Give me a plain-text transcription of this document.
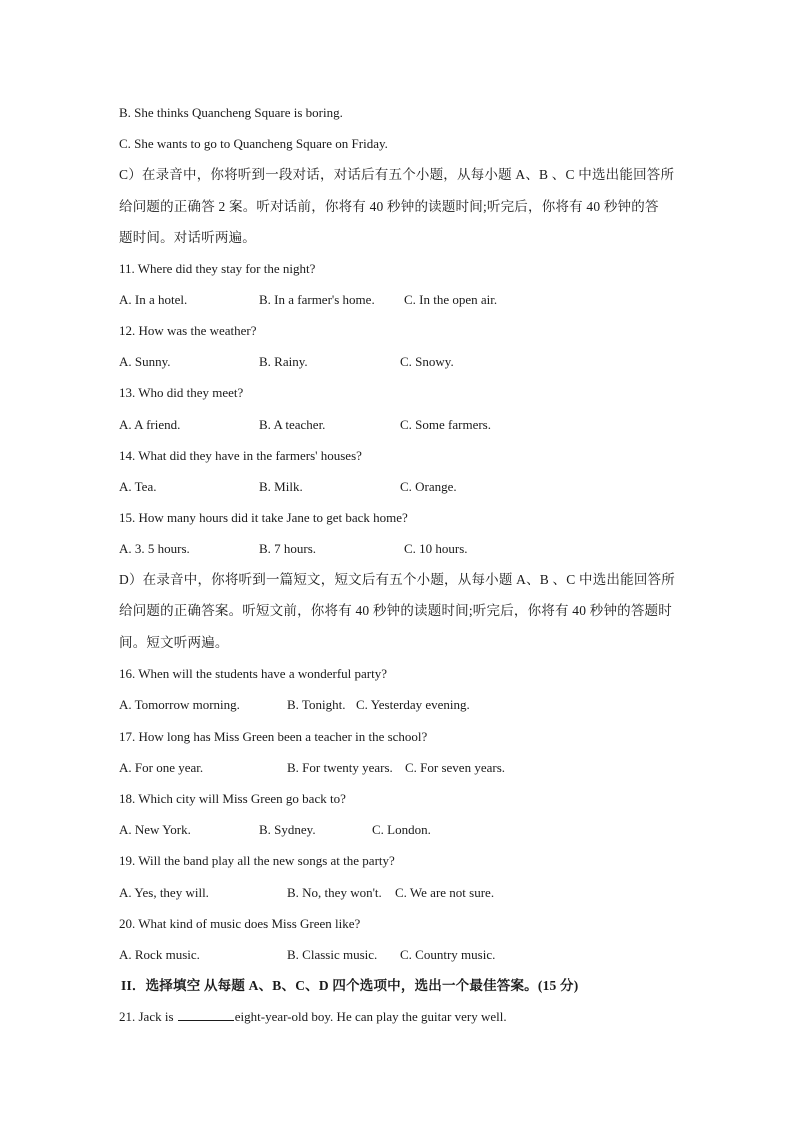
B. She thinks Quancheng Square is boring.
C. She wants to go to Quancheng Square on Friday.
C）在录音中，你将听到一段对话，对话后有五个小题，从每小题 A、B 、C 中选出能回答所
给问题的正确答 2 案。听对话前，你将有 40 秒钟的读题时间;听完后，你将有 40 秒钟的答
题时间。对话听两遍。
11. Where did they stay for the night?
A. In a hotel.	B. In a farmer's home. C. In the open air.
12. How was the weather?
A. Sunny.	B. Rainy.	C. Snowy.
13. Who did they meet?
A. A friend.	B. A teacher.	C. Some farmers.
14. What did they have in the farmers' houses?
A. Tea.	B. Milk.	C. Orange.
15. How many hours did it take Jane to get back home?
A. 3. 5 hours.	B. 7 hours.	C. 10 hours.
D）在录音中，你将听到一篇短文，短文后有五个小题，从每小题 A、B 、C 中选出能回答所
给问题的正确答案。听短文前，你将有 40 秒钟的读题时间;听完后，你将有 40 秒钟的答题时
间。短文听两遍。
16. When will the students have a wonderful party?
A. Tomorrow morning.	B. Tonight. C. Yesterday evening.
17. How long has Miss Green been a teacher in the school?
A. For one year.	B. For twenty years. C. For seven years.
18. Which city will Miss Green go back to?
A. New York.	B. Sydney.	C. London.
19. Will the band play all the new songs at the party?
A. Yes, they will.	B. No, they won't. C. We are not sure.
20. What kind of music does Miss Green like?
A. Rock music.	B. Classic music. C. Country music.
II．选择填空 从每题 A、B、C、D 四个选项中，选出一个最佳答案。(15 分)
21. Jack is	eight-year-old boy. He can play the guitar very well.
